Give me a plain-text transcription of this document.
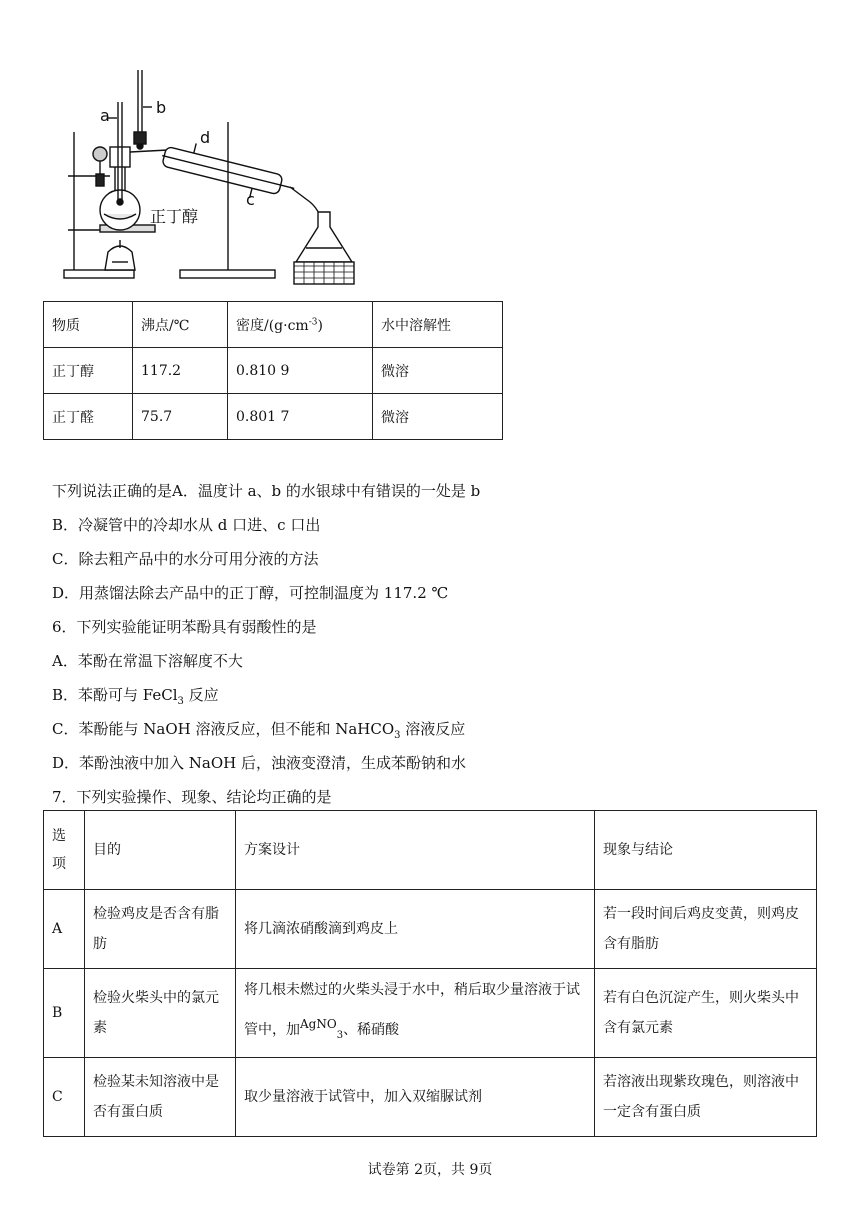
a	b
c
d
正丁醇
物质	沸点/℃	密度$/(g\cdot cm^{-3})$	水中溶解性
正丁醇	117.2	0.810 9	微溶
正丁醛	75.7	0.801 7	微溶
下列说法正确的是A．温度计 a、b 的水银球中有错误的一处是 b
B．冷凝管中的冷却水从 d 口进、c 口出
C．除去粗产品中的水分可用分液的方法
D．用蒸馏法除去产品中的正丁醇，可控制温度为 117.2 ℃
6．下列实验能证明苯酚具有弱酸性的是
A．苯酚在常温下溶解度不大
B．苯酚可与 FeCl$_3$ 反应
C．苯酚能与 NaOH 溶液反应，但不能和 NaHCO$_3$ 溶液反应
D．苯酚浊液中加入 NaOH 后，浊液变澄清，生成苯酚钠和水
7．下列实验操作、现象、结论均正确的是
选项	目的	方案设计	现象与结论
A	检验鸡皮是否含有脂肪	将几滴浓硝酸滴到鸡皮上	若一段时间后鸡皮变黄，则鸡皮含有脂肪
B	检验火柴头中的氯元素	将几根未燃过的火柴头浸于水中，稍后取少量溶液于试管中，加$^{AgNO}_3$、稀硝酸	若有白色沉淀产生，则火柴头中含有氯元素
C	检验某未知溶液中是否有蛋白质	取少量溶液于试管中，加入双缩脲试剂	若溶液出现紫玫瑰色，则溶液中一定含有蛋白质
试卷第 2页，共 9页
